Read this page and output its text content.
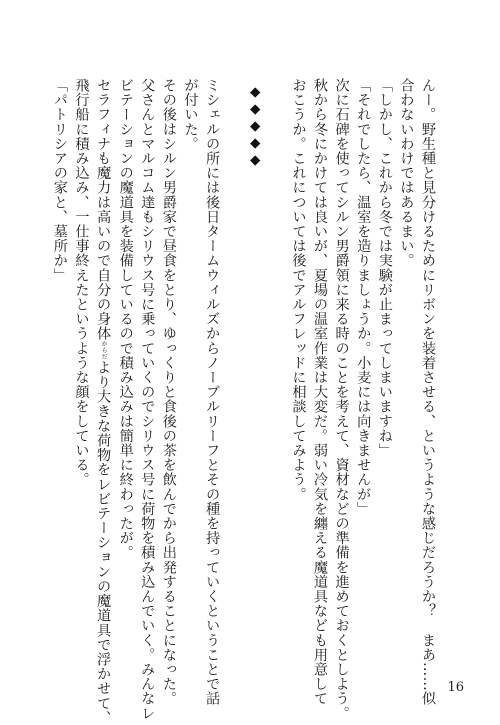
んー。野生種と見分けるためにリボンを装着させる、というような感じだろうか？　まあ……似
合わないわけではあるまい。
「しかし、これから冬では実験が止まってしまいますね」
「それでしたら、温室を造りましょうか。小麦には向きませんが」
次に石碑を使ってシルン男爵領に来る時のことを考えて、資材などの準備を進めておくとしよう。
秋から冬にかけては良いが、夏場の温室作業は大変だ。弱い冷気を纏える魔道具なども用意して
おこうか。これについては後でアルフレッドに相談してみよう。
◆◆◆◆◆
ミシェルの所には後日タームウィルズからノーブルリーフとその種を持っていくということで話
が付いた。
その後はシルン男爵家で昼食をとり、ゆっくりと食後の茶を飲んでから出発することになった。
父さんとマルコム達もシリウス号に乗っていくのでシリウス号に荷物を積み込んでいく。みんなレ
ビテーションの魔道具を装備しているので積み込みは簡単に終わったが。
セラフィナも魔力は高いので自分の身体からだより大きな荷物をレビテーションの魔道具で浮かせて、
飛行船に積み込み、一仕事終えたというような顔をしている。
「パトリシアの家と、墓所か」
16
